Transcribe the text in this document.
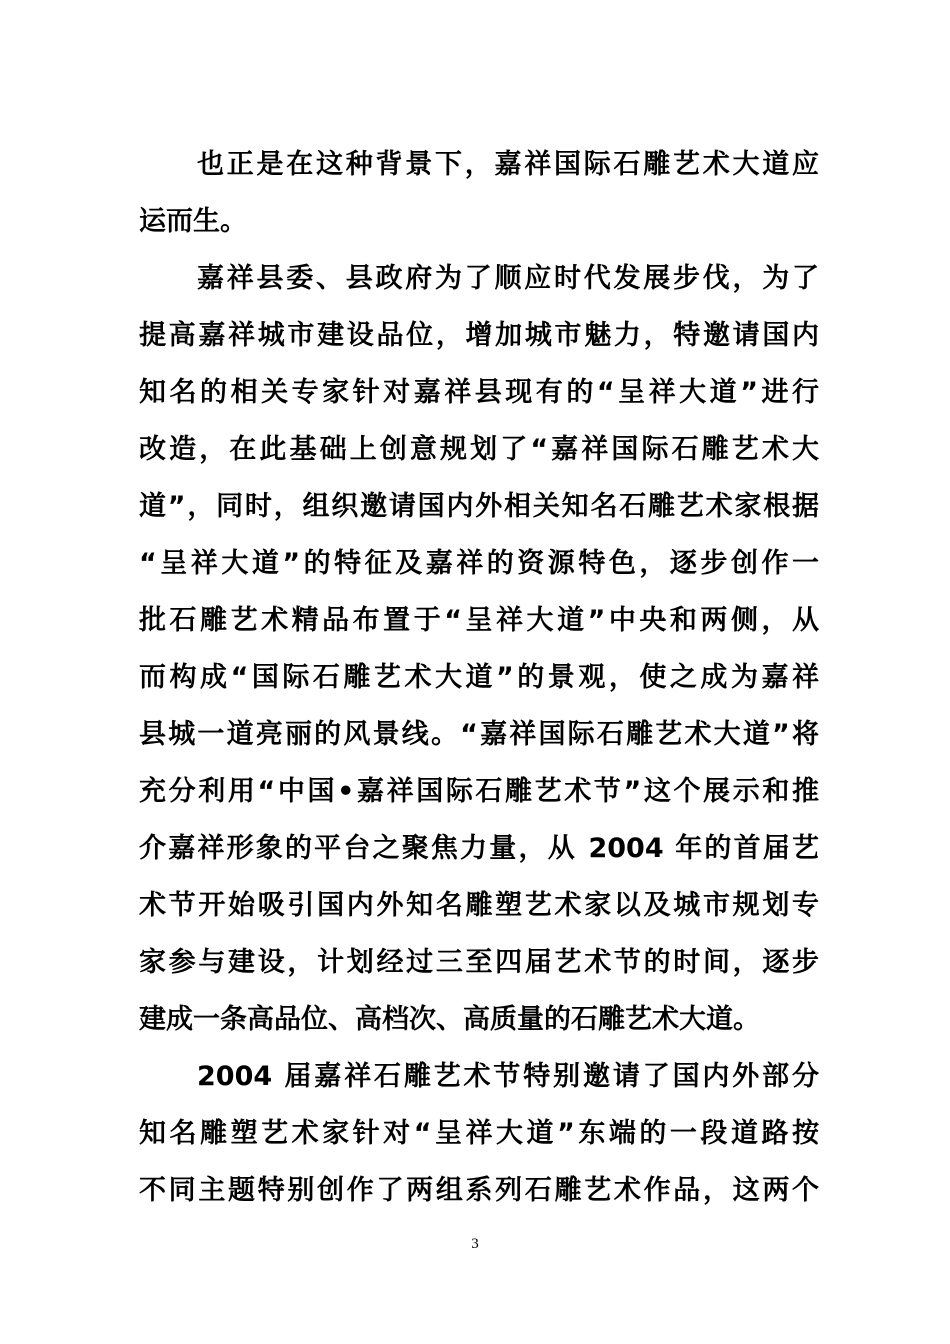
也正是在这种背景下，嘉祥国际石雕艺术大道应
运而生。
嘉祥县委、县政府为了顺应时代发展步伐，为了
提高嘉祥城市建设品位，增加城市魅力，特邀请国内
知名的相关专家针对嘉祥县现有的“呈祥大道”进行
改造，在此基础上创意规划了“嘉祥国际石雕艺术大
道”，同时，组织邀请国内外相关知名石雕艺术家根据
“呈祥大道”的特征及嘉祥的资源特色，逐步创作一
批石雕艺术精品布置于“呈祥大道”中央和两侧，从
而构成“国际石雕艺术大道”的景观，使之成为嘉祥
县城一道亮丽的风景线。“嘉祥国际石雕艺术大道”将
充分利用“中国•嘉祥国际石雕艺术节”这个展示和推
介嘉祥形象的平台之聚焦力量，从 2004 年的首届艺
术节开始吸引国内外知名雕塑艺术家以及城市规划专
家参与建设，计划经过三至四届艺术节的时间，逐步
建成一条高品位、高档次、高质量的石雕艺术大道。
2004 届嘉祥石雕艺术节特别邀请了国内外部分
知名雕塑艺术家针对“呈祥大道”东端的一段道路按
不同主题特别创作了两组系列石雕艺术作品，这两个
3
